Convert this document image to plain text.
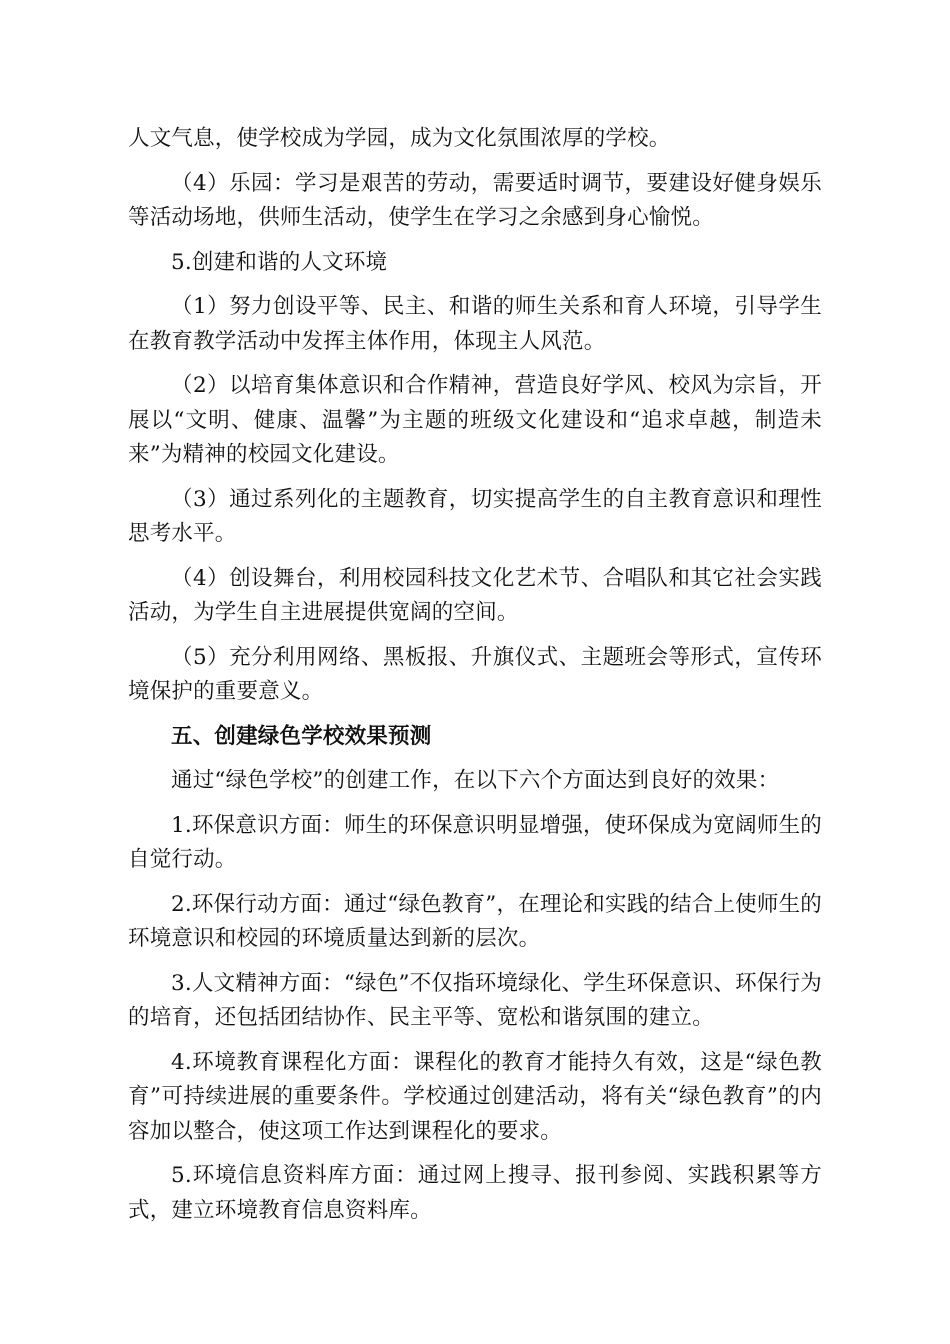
人文气息，使学校成为学园，成为文化氛围浓厚的学校。

（4）乐园：学习是艰苦的劳动，需要适时调节，要建设好健身娱乐等活动场地，供师生活动，使学生在学习之余感到身心愉悦。

5.创建和谐的人文环境

（1）努力创设平等、民主、和谐的师生关系和育人环境，引导学生在教育教学活动中发挥主体作用，体现主人风范。

（2）以培育集体意识和合作精神，营造良好学风、校风为宗旨，开展以“文明、健康、温馨”为主题的班级文化建设和“追求卓越，制造未来”为精神的校园文化建设。

（3）通过系列化的主题教育，切实提高学生的自主教育意识和理性思考水平。

（4）创设舞台，利用校园科技文化艺术节、合唱队和其它社会实践活动，为学生自主进展提供宽阔的空间。

（5）充分利用网络、黑板报、升旗仪式、主题班会等形式，宣传环境保护的重要意义。

五、创建绿色学校效果预测

通过“绿色学校”的创建工作，在以下六个方面达到良好的效果：

1.环保意识方面：师生的环保意识明显增强，使环保成为宽阔师生的自觉行动。

2.环保行动方面：通过“绿色教育”，在理论和实践的结合上使师生的环境意识和校园的环境质量达到新的层次。

3.人文精神方面：“绿色”不仅指环境绿化、学生环保意识、环保行为的培育，还包括团结协作、民主平等、宽松和谐氛围的建立。

4.环境教育课程化方面：课程化的教育才能持久有效，这是“绿色教育”可持续进展的重要条件。学校通过创建活动，将有关“绿色教育”的内容加以整合，使这项工作达到课程化的要求。

5.环境信息资料库方面：通过网上搜寻、报刊参阅、实践积累等方式，建立环境教育信息资料库。
